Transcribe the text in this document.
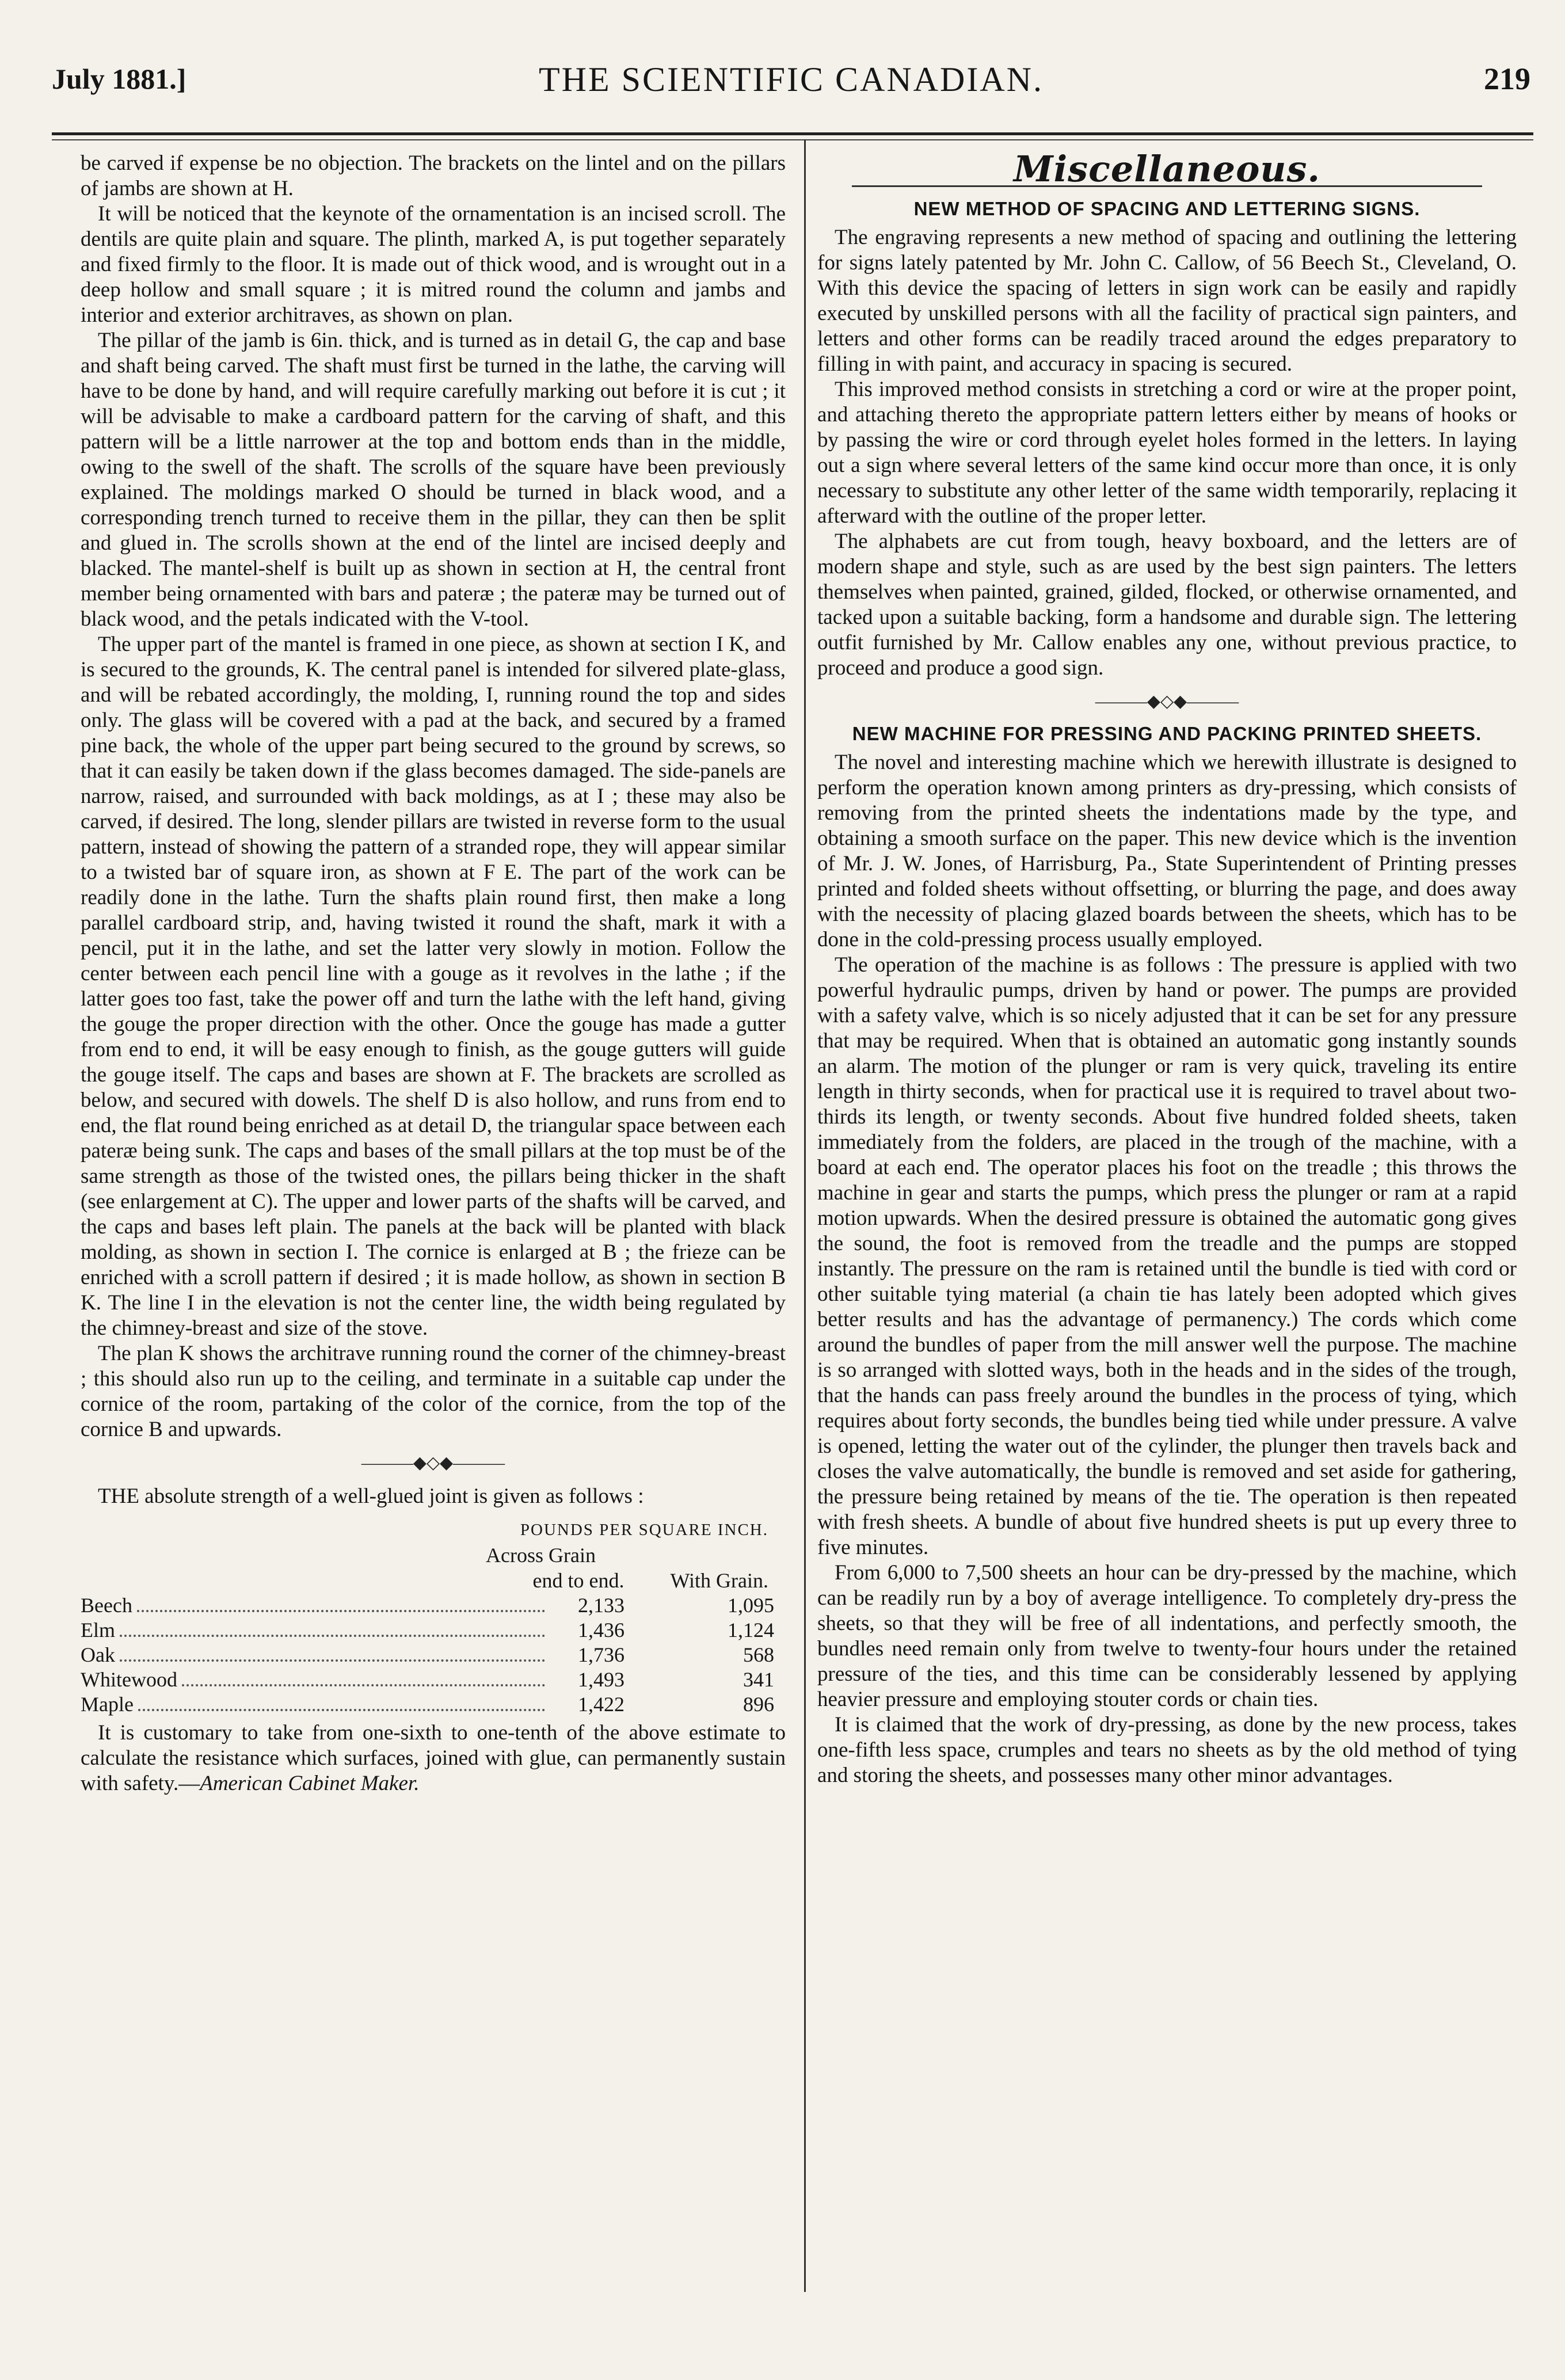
July 1881.]	THE SCIENTIFIC CANADIAN.	219

be carved if expense be no objection. The brackets on the lintel and on the pillars of jambs are shown at H.

It will be noticed that the keynote of the ornamentation is an incised scroll. The dentils are quite plain and square. The plinth, marked A, is put together separately and fixed firmly to the floor. It is made out of thick wood, and is wrought out in a deep hollow and small square ; it is mitred round the column and jambs and interior and exterior architraves, as shown on plan.

The pillar of the jamb is 6in. thick, and is turned as in detail G, the cap and base and shaft being carved. The shaft must first be turned in the lathe, the carving will have to be done by hand, and will require carefully marking out before it is cut ; it will be advisable to make a cardboard pattern for the carving of shaft, and this pattern will be a little narrower at the top and bottom ends than in the middle, owing to the swell of the shaft. The scrolls of the square have been previously explained. The moldings marked O should be turned in black wood, and a corresponding trench turned to receive them in the pillar, they can then be split and glued in. The scrolls shown at the end of the lintel are incised deeply and blacked. The mantel-shelf is built up as shown in section at H, the central front member being ornamented with bars and pateræ ; the pateræ may be turned out of black wood, and the petals indicated with the V-tool.

The upper part of the mantel is framed in one piece, as shown at section I K, and is secured to the grounds, K. The central panel is intended for silvered plate-glass, and will be rebated accordingly, the molding, I, running round the top and sides only. The glass will be covered with a pad at the back, and secured by a framed pine back, the whole of the upper part being secured to the ground by screws, so that it can easily be taken down if the glass becomes damaged. The side-panels are narrow, raised, and surrounded with back moldings, as at I ; these may also be carved, if desired. The long, slender pillars are twisted in reverse form to the usual pattern, instead of showing the pattern of a stranded rope, they will appear similar to a twisted bar of square iron, as shown at F E. The part of the work can be readily done in the lathe. Turn the shafts plain round first, then make a long parallel cardboard strip, and, having twisted it round the shaft, mark it with a pencil, put it in the lathe, and set the latter very slowly in motion. Follow the center between each pencil line with a gouge as it revolves in the lathe ; if the latter goes too fast, take the power off and turn the lathe with the left hand, giving the gouge the proper direction with the other. Once the gouge has made a gutter from end to end, it will be easy enough to finish, as the gouge gutters will guide the gouge itself. The caps and bases are shown at F. The brackets are scrolled as below, and secured with dowels. The shelf D is also hollow, and runs from end to end, the flat round being enriched as at detail D, the triangular space between each pateræ being sunk. The caps and bases of the small pillars at the top must be of the same strength as those of the twisted ones, the pillars being thicker in the shaft (see enlargement at C). The upper and lower parts of the shafts will be carved, and the caps and bases left plain. The panels at the back will be planted with black molding, as shown in section I. The cornice is enlarged at B ; the frieze can be enriched with a scroll pattern if desired ; it is made hollow, as shown in section B K. The line I in the elevation is not the center line, the width being regulated by the chimney-breast and size of the stove.

The plan K shows the architrave running round the corner of the chimney-breast ; this should also run up to the ceiling, and terminate in a suitable cap under the cornice of the room, partaking of the color of the cornice, from the top of the cornice B and upwards.

———◆◇◆———

THE absolute strength of a well-glued joint is given as follows :

POUNDS PER SQUARE INCH.
Across Grain
end to end. With Grain.
Beech	2,133	1,095
Elm	1,436	1,124
Oak	1,736	568
Whitewood	1,493	341
Maple	1,422	896

It is customary to take from one-sixth to one-tenth of the above estimate to calculate the resistance which surfaces, joined with glue, can permanently sustain with safety.—American Cabinet Maker.

Miscellaneous.
NEW METHOD OF SPACING AND LETTERING SIGNS.

The engraving represents a new method of spacing and outlining the lettering for signs lately patented by Mr. John C. Callow, of 56 Beech St., Cleveland, O. With this device the spacing of letters in sign work can be easily and rapidly executed by unskilled persons with all the facility of practical sign painters, and letters and other forms can be readily traced around the edges preparatory to filling in with paint, and accuracy in spacing is secured.

This improved method consists in stretching a cord or wire at the proper point, and attaching thereto the appropriate pattern letters either by means of hooks or by passing the wire or cord through eyelet holes formed in the letters. In laying out a sign where several letters of the same kind occur more than once, it is only necessary to substitute any other letter of the same width temporarily, replacing it afterward with the outline of the proper letter.

The alphabets are cut from tough, heavy boxboard, and the letters are of modern shape and style, such as are used by the best sign painters. The letters themselves when painted, grained, gilded, flocked, or otherwise ornamented, and tacked upon a suitable backing, form a handsome and durable sign. The lettering outfit furnished by Mr. Callow enables any one, without previous practice, to proceed and produce a good sign.

———◆◇◆———
NEW MACHINE FOR PRESSING AND PACKING PRINTED SHEETS.

The novel and interesting machine which we herewith illustrate is designed to perform the operation known among printers as dry-pressing, which consists of removing from the printed sheets the indentations made by the type, and obtaining a smooth surface on the paper. This new device which is the invention of Mr. J. W. Jones, of Harrisburg, Pa., State Superintendent of Printing presses printed and folded sheets without offsetting, or blurring the page, and does away with the necessity of placing glazed boards between the sheets, which has to be done in the cold-pressing process usually employed.

The operation of the machine is as follows : The pressure is applied with two powerful hydraulic pumps, driven by hand or power. The pumps are provided with a safety valve, which is so nicely adjusted that it can be set for any pressure that may be required. When that is obtained an automatic gong instantly sounds an alarm. The motion of the plunger or ram is very quick, traveling its entire length in thirty seconds, when for practical use it is required to travel about two-thirds its length, or twenty seconds. About five hundred folded sheets, taken immediately from the folders, are placed in the trough of the machine, with a board at each end. The operator places his foot on the treadle ; this throws the machine in gear and starts the pumps, which press the plunger or ram at a rapid motion upwards. When the desired pressure is obtained the automatic gong gives the sound, the foot is removed from the treadle and the pumps are stopped instantly. The pressure on the ram is retained until the bundle is tied with cord or other suitable tying material (a chain tie has lately been adopted which gives better results and has the advantage of permanency.) The cords which come around the bundles of paper from the mill answer well the purpose. The machine is so arranged with slotted ways, both in the heads and in the sides of the trough, that the hands can pass freely around the bundles in the process of tying, which requires about forty seconds, the bundles being tied while under pressure. A valve is opened, letting the water out of the cylinder, the plunger then travels back and closes the valve automatically, the bundle is removed and set aside for gathering, the pressure being retained by means of the tie. The operation is then repeated with fresh sheets. A bundle of about five hundred sheets is put up every three to five minutes.

From 6,000 to 7,500 sheets an hour can be dry-pressed by the machine, which can be readily run by a boy of average intelligence. To completely dry-press the sheets, so that they will be free of all indentations, and perfectly smooth, the bundles need remain only from twelve to twenty-four hours under the retained pressure of the ties, and this time can be considerably lessened by applying heavier pressure and employing stouter cords or chain ties.

It is claimed that the work of dry-pressing, as done by the new process, takes one-fifth less space, crumples and tears no sheets as by the old method of tying and storing the sheets, and possesses many other minor advantages.
